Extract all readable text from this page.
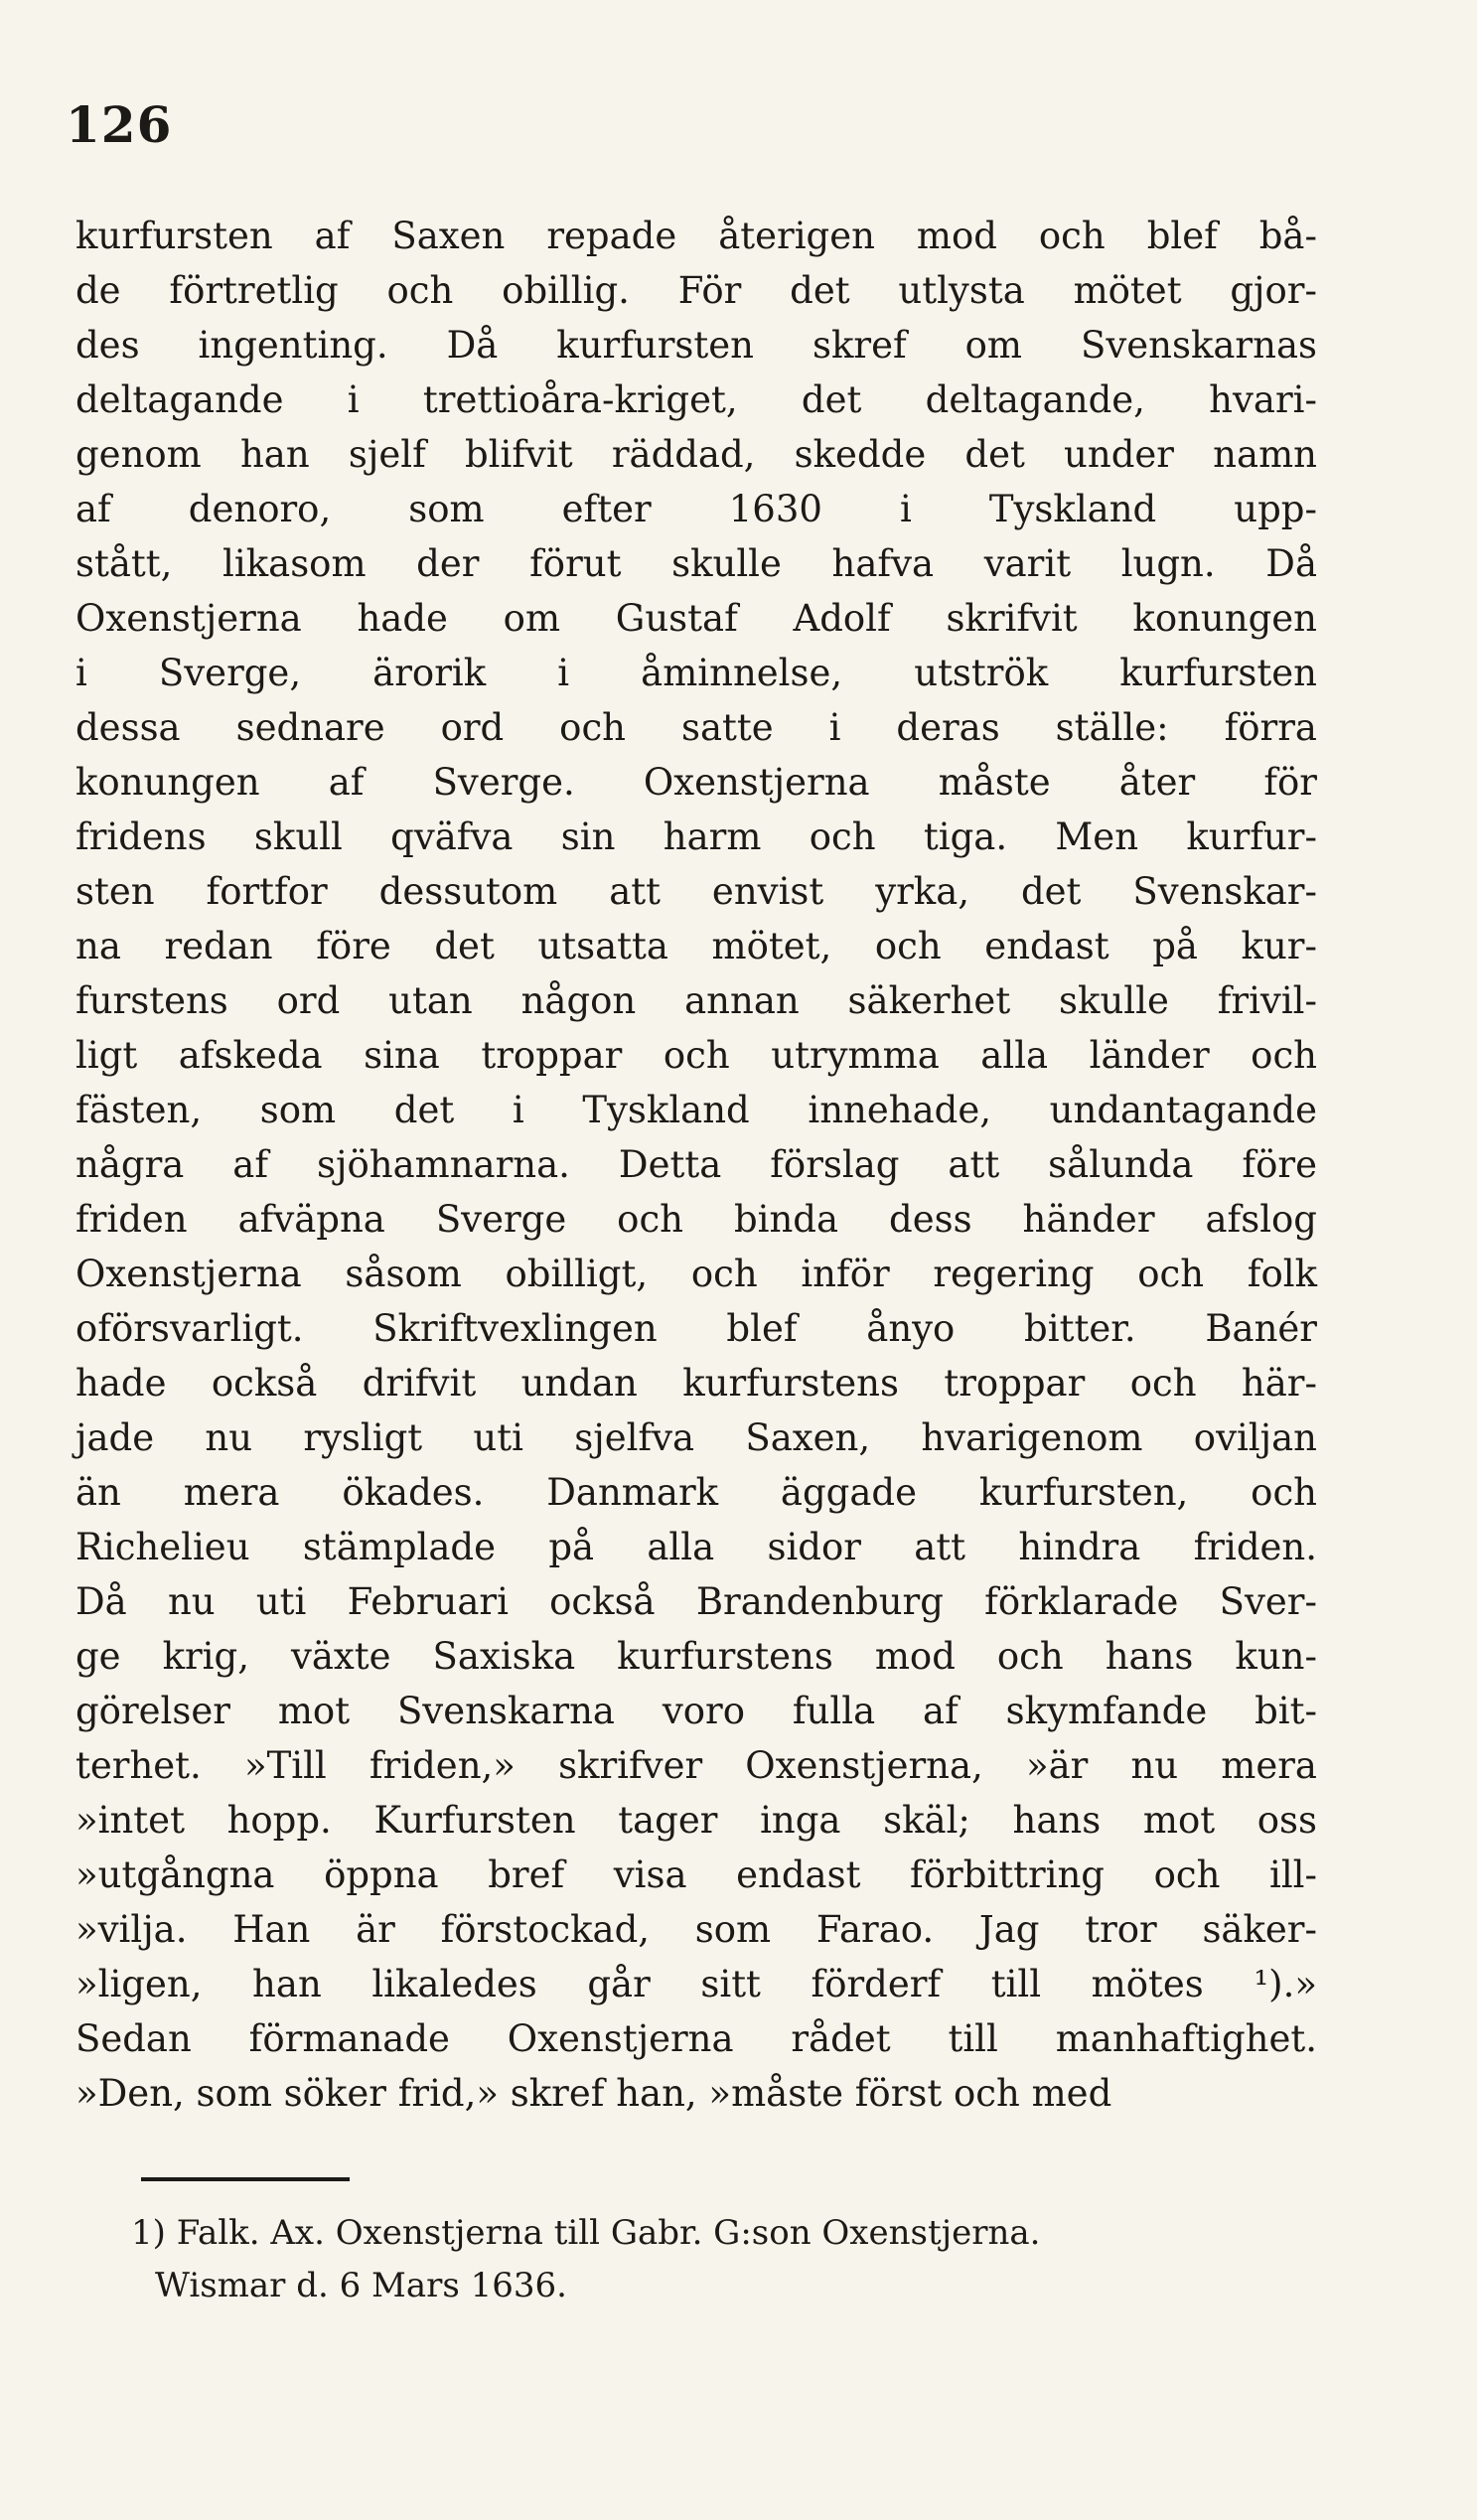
126
kurfursten af Saxen repade återigen mod och blef bå-
de förtretlig och obillig. För det utlysta mötet gjor-
des ingenting. Då kurfursten skref om Svenskarnas
deltagande i trettioåra-kriget, det deltagande, hvari-
genom han sjelf blifvit räddad, skedde det under namn
af denoro, som efter 1630 i Tyskland upp-
stått, likasom der förut skulle hafva varit lugn. Då
Oxenstjerna hade om Gustaf Adolf skrifvit konungen
i Sverge, ärorik i åminnelse, utströk kurfursten
dessa sednare ord och satte i deras ställe: förra
konungen af Sverge. Oxenstjerna måste åter för
fridens skull qväfva sin harm och tiga. Men kurfur-
sten fortfor dessutom att envist yrka, det Svenskar-
na redan före det utsatta mötet, och endast på kur-
furstens ord utan någon annan säkerhet skulle frivil-
ligt afskeda sina troppar och utrymma alla länder och
fästen, som det i Tyskland innehade, undantagande
några af sjöhamnarna. Detta förslag att sålunda före
friden afväpna Sverge och binda dess händer afslog
Oxenstjerna såsom obilligt, och inför regering och folk
oförsvarligt. Skriftvexlingen blef ånyo bitter. Banér
hade också drifvit undan kurfurstens troppar och här-
jade nu rysligt uti sjelfva Saxen, hvarigenom oviljan
än mera ökades. Danmark äggade kurfursten, och
Richelieu stämplade på alla sidor att hindra friden.
Då nu uti Februari också Brandenburg förklarade Sver-
ge krig, växte Saxiska kurfurstens mod och hans kun-
görelser mot Svenskarna voro fulla af skymfande bit-
terhet. »Till friden,» skrifver Oxenstjerna, »är nu mera
»intet hopp. Kurfursten tager inga skäl; hans mot oss
»utgångna öppna bref visa endast förbittring och ill-
»vilja. Han är förstockad, som Farao. Jag tror säker-
»ligen, han likaledes går sitt förderf till mötes ¹).»
Sedan förmanade Oxenstjerna rådet till manhaftighet.
»Den, som söker frid,» skref han, »måste först och med
1) Falk. Ax. Oxenstjerna till Gabr. G:son Oxenstjerna.
Wismar d. 6 Mars 1636.
